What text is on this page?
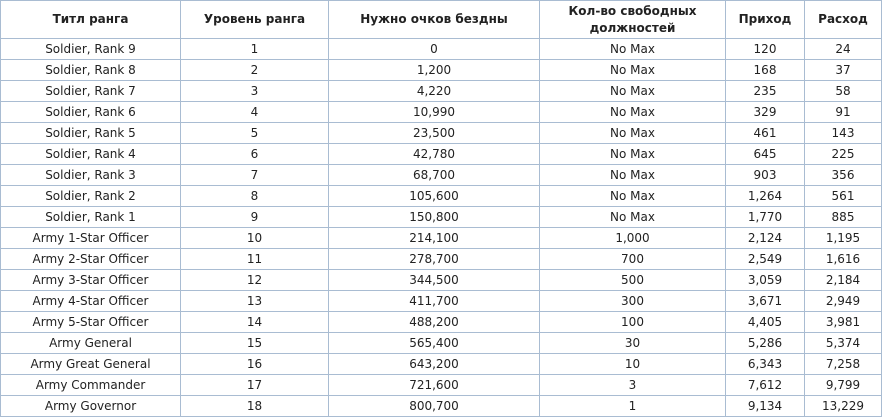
Титл ранга	Уровень ранга	Нужно очков бездны	Кол-во свободных должностей	Приход	Расход
Soldier, Rank 9	1	0	No Max	120	24
Soldier, Rank 8	2	1,200	No Max	168	37
Soldier, Rank 7	3	4,220	No Max	235	58
Soldier, Rank 6	4	10,990	No Max	329	91
Soldier, Rank 5	5	23,500	No Max	461	143
Soldier, Rank 4	6	42,780	No Max	645	225
Soldier, Rank 3	7	68,700	No Max	903	356
Soldier, Rank 2	8	105,600	No Max	1,264	561
Soldier, Rank 1	9	150,800	No Max	1,770	885
Army 1-Star Officer	10	214,100	1,000	2,124	1,195
Army 2-Star Officer	11	278,700	700	2,549	1,616
Army 3-Star Officer	12	344,500	500	3,059	2,184
Army 4-Star Officer	13	411,700	300	3,671	2,949
Army 5-Star Officer	14	488,200	100	4,405	3,981
Army General	15	565,400	30	5,286	5,374
Army Great General	16	643,200	10	6,343	7,258
Army Commander	17	721,600	3	7,612	9,799
Army Governor	18	800,700	1	9,134	13,229
